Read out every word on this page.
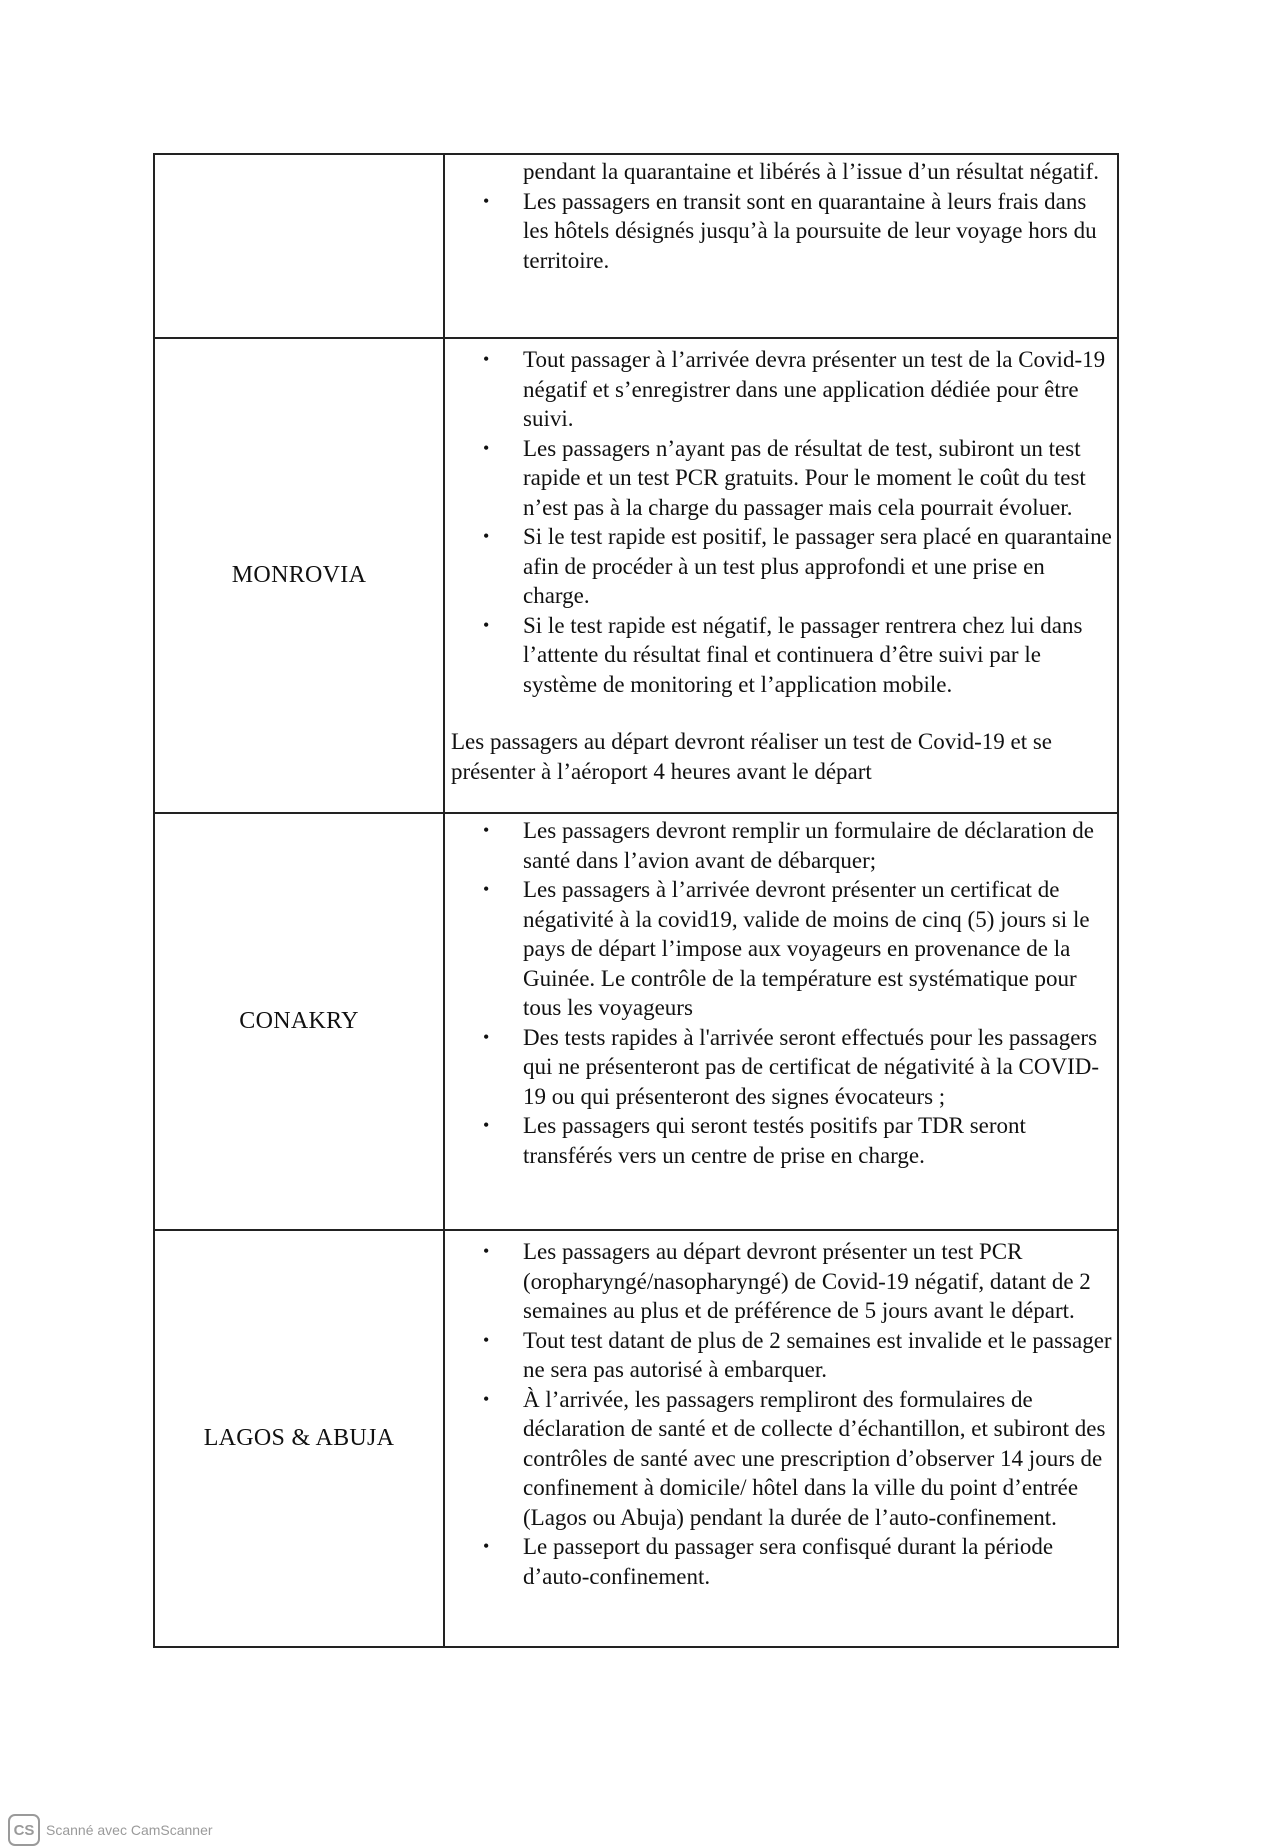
pendant la quarantaine et libérés à l’issue d’un résultat négatif.
• Les passagers en transit sont en quarantaine à leurs frais dans les hôtels désignés jusqu’à la poursuite de leur voyage hors du territoire.
MONROVIA
• Tout passager à l’arrivée devra présenter un test de la Covid-19 négatif et s’enregistrer dans une application dédiée pour être suivi.
• Les passagers n’ayant pas de résultat de test, subiront un test rapide et un test PCR gratuits. Pour le moment le coût du test n’est pas à la charge du passager mais cela pourrait évoluer.
• Si le test rapide est positif, le passager sera placé en quarantaine afin de procéder à un test plus approfondi et une prise en charge.
• Si le test rapide est négatif, le passager rentrera chez lui dans l’attente du résultat final et continuera d’être suivi par le système de monitoring et l’application mobile.
Les passagers au départ devront réaliser un test de Covid-19 et se présenter à l’aéroport 4 heures avant le départ
CONAKRY
• Les passagers devront remplir un formulaire de déclaration de santé dans l’avion avant de débarquer;
• Les passagers à l’arrivée devront présenter un certificat de négativité à la covid19, valide de moins de cinq (5) jours si le pays de départ l’impose aux voyageurs en provenance de la Guinée. Le contrôle de la température est systématique pour tous les voyageurs
• Des tests rapides à l'arrivée seront effectués pour les passagers qui ne présenteront pas de certificat de négativité à la COVID-19 ou qui présenteront des signes évocateurs ;
• Les passagers qui seront testés positifs par TDR seront transférés vers un centre de prise en charge.
LAGOS & ABUJA
• Les passagers au départ devront présenter un test PCR (oropharyngé/nasopharyngé) de Covid-19 négatif, datant de 2 semaines au plus et de préférence de 5 jours avant le départ.
• Tout test datant de plus de 2 semaines est invalide et le passager ne sera pas autorisé à embarquer.
• À l’arrivée, les passagers rempliront des formulaires de déclaration de santé et de collecte d’échantillon, et subiront des contrôles de santé avec une prescription d’observer 14 jours de confinement à domicile/ hôtel dans la ville du point d’entrée (Lagos ou Abuja) pendant la durée de l’auto-confinement.
• Le passeport du passager sera confisqué durant la période d’auto-confinement.
CS Scanné avec CamScanner
